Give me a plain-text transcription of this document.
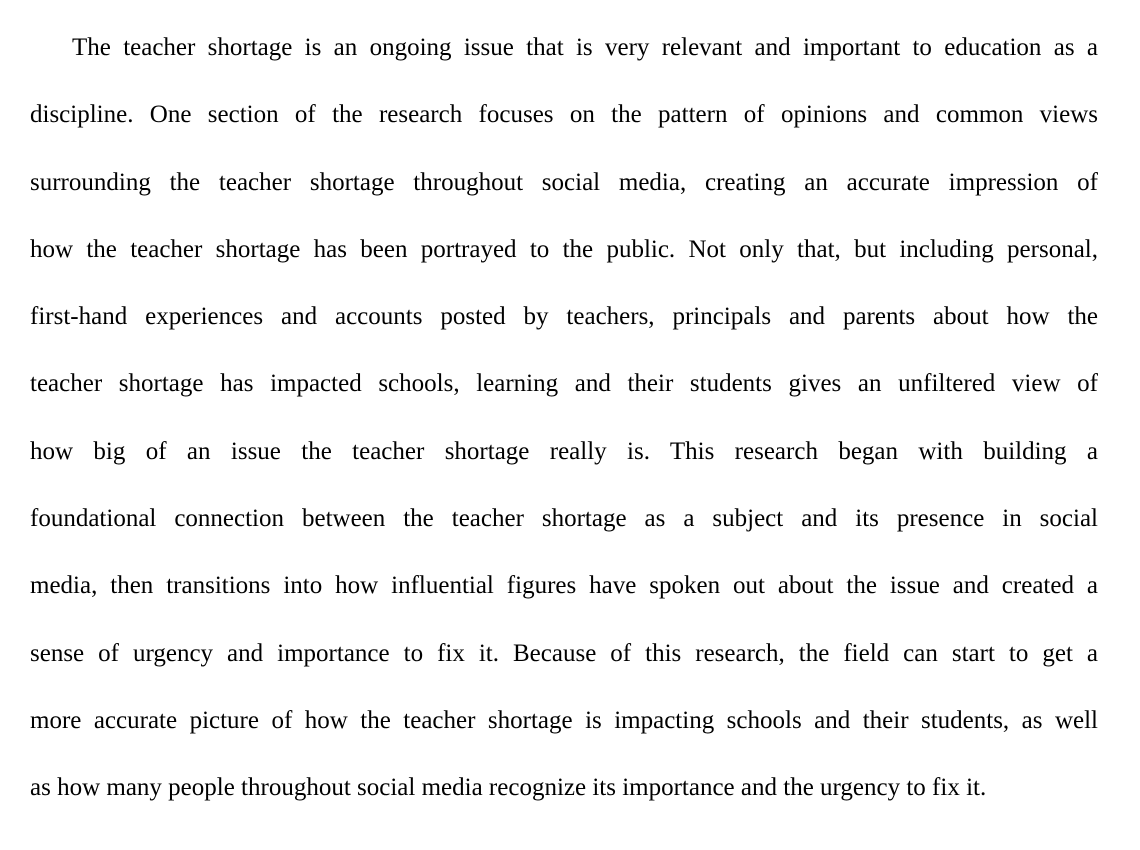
The teacher shortage is an ongoing issue that is very relevant and important to education as a
discipline. One section of the research focuses on the pattern of opinions and common views
surrounding the teacher shortage throughout social media, creating an accurate impression of
how the teacher shortage has been portrayed to the public. Not only that, but including personal,
first-hand experiences and accounts posted by teachers, principals and parents about how the
teacher shortage has impacted schools, learning and their students gives an unfiltered view of
how big of an issue the teacher shortage really is. This research began with building a
foundational connection between the teacher shortage as a subject and its presence in social
media, then transitions into how influential figures have spoken out about the issue and created a
sense of urgency and importance to fix it. Because of this research, the field can start to get a
more accurate picture of how the teacher shortage is impacting schools and their students, as well
as how many people throughout social media recognize its importance and the urgency to fix it.
